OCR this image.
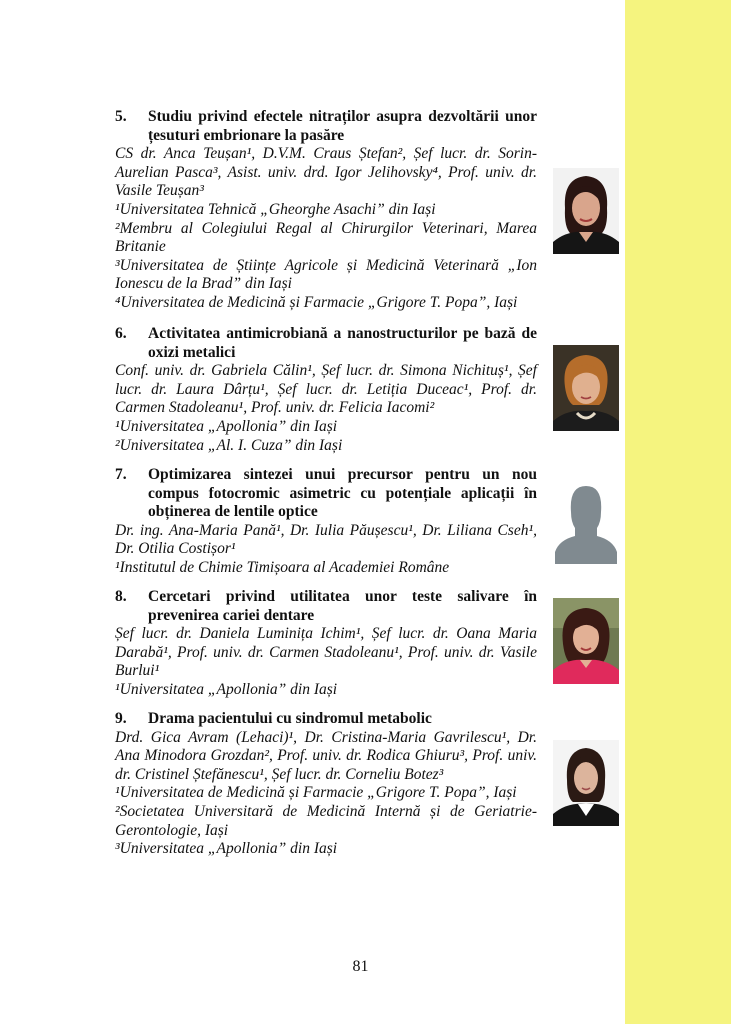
5.	Studiu privind efectele nitraților asupra dezvoltării unor țesuturi embrionare la pasăre
CS dr. Anca Teușan¹, D.V.M. Craus Ștefan², Șef lucr. dr. Sorin-Aurelian Pasca³, Asist. univ. drd. Igor Jelihovsky⁴, Prof. univ. dr. Vasile Teușan³
¹Universitatea Tehnică „Gheorghe Asachi” din Iași
²Membru al Colegiului Regal al Chirurgilor Veterinari, Marea Britanie
³Universitatea de Științe Agricole și Medicină Veterinară „Ion Ionescu de la Brad” din Iași
⁴Universitatea de Medicină și Farmacie „Grigore T. Popa”, Iași
6.	Activitatea antimicrobiană a nanostructurilor pe bază de oxizi metalici
Conf. univ. dr. Gabriela Călin¹, Șef lucr. dr. Simona Nichituș¹, Șef lucr. dr. Laura Dârțu¹, Șef lucr. dr. Letiția Duceac¹, Prof. dr. Carmen Stadoleanu¹, Prof. univ. dr. Felicia Iacomi²
¹Universitatea „Apollonia” din Iași
²Universitatea „Al. I. Cuza” din Iași
7.	Optimizarea sintezei unui precursor pentru un nou compus fotocromic asimetric cu potențiale aplicații în obținerea de lentile optice
Dr. ing. Ana-Maria Pană¹, Dr. Iulia Păușescu¹, Dr. Liliana Cseh¹, Dr. Otilia Costișor¹
¹Institutul de Chimie Timișoara al Academiei Române
8.	Cercetari privind utilitatea unor teste salivare în prevenirea cariei dentare
Șef lucr. dr. Daniela Luminița Ichim¹, Șef lucr. dr. Oana Maria Darabă¹, Prof. univ. dr. Carmen Stadoleanu¹, Prof. univ. dr. Vasile Burlui¹
¹Universitatea „Apollonia” din Iași
9.	Drama pacientului cu sindromul metabolic
Drd. Gica Avram (Lehaci)¹, Dr. Cristina-Maria Gavrilescu¹, Dr. Ana Minodora Grozdan², Prof. univ. dr. Rodica Ghiuru³, Prof. univ. dr. Cristinel Ștefănescu¹, Șef lucr. dr. Corneliu Botez³
¹Universitatea de Medicină și Farmacie „Grigore T. Popa”, Iași
²Societatea Universitară de Medicină Internă și de Geriatrie-Gerontologie, Iași
³Universitatea „Apollonia” din Iași
81
